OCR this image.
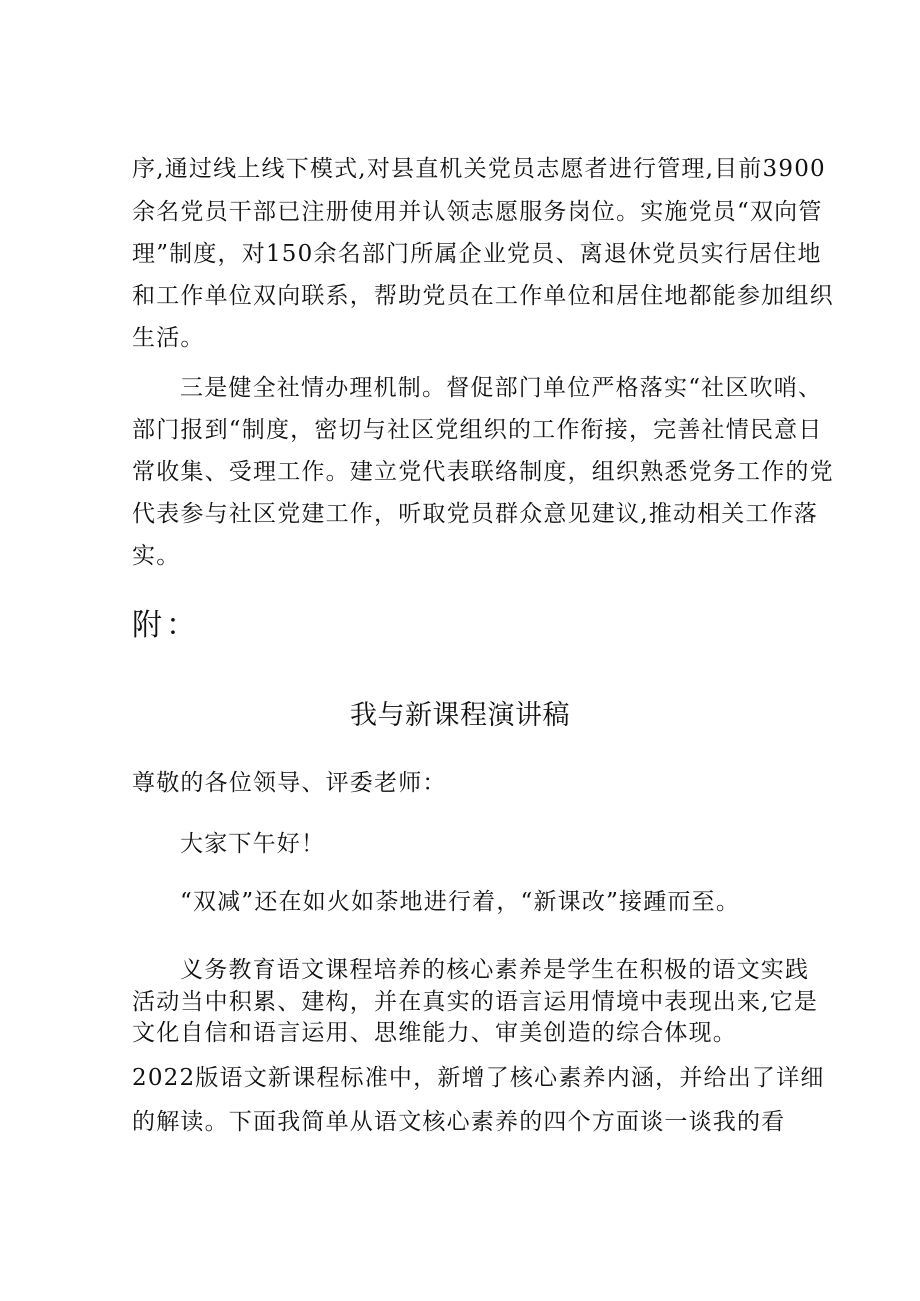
序,通过线上线下模式,对县直机关党员志愿者进行管理,目前3900
余名党员干部已注册使用并认领志愿服务岗位。实施党员“双向管
理”制度，对150余名部门所属企业党员、离退休党员实行居住地
和工作单位双向联系，帮助党员在工作单位和居住地都能参加组织
生活。
三是健全社情办理机制。督促部门单位严格落实“社区吹哨、
部门报到“制度，密切与社区党组织的工作衔接，完善社情民意日
常收集、受理工作。建立党代表联络制度，组织熟悉党务工作的党
代表参与社区党建工作，听取党员群众意见建议,推动相关工作落
实。
附：
我与新课程演讲稿
尊敬的各位领导、评委老师：
大家下午好！
“双减”还在如火如荼地进行着，“新课改”接踵而至。
义务教育语文课程培养的核心素养是学生在积极的语文实践
活动当中积累、建构，并在真实的语言运用情境中表现出来,它是
文化自信和语言运用、思维能力、审美创造的综合体现。
2022版语文新课程标准中，新增了核心素养内涵，并给出了详细
的解读。下面我简单从语文核心素养的四个方面谈一谈我的看
